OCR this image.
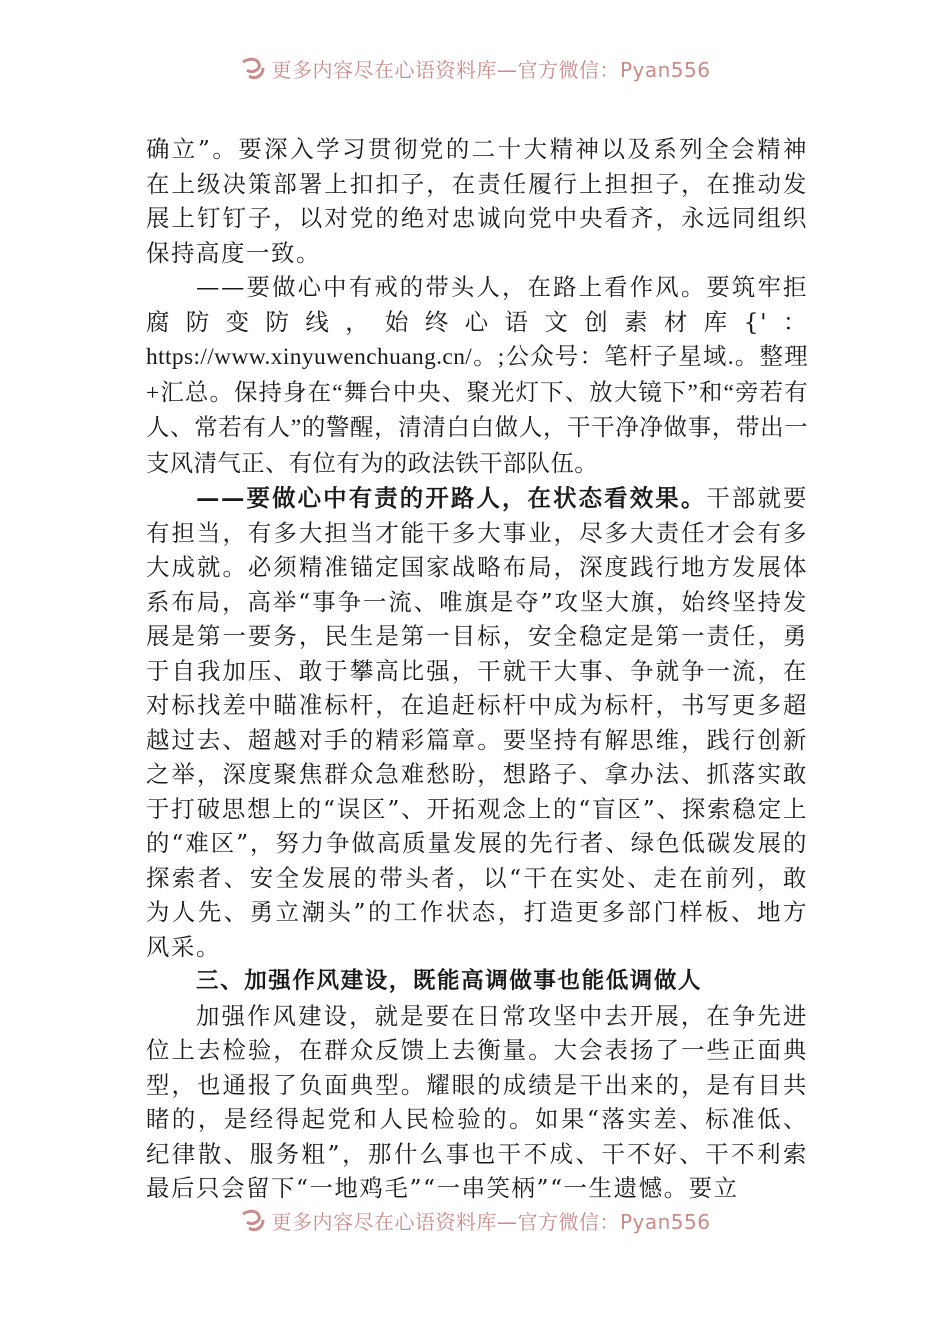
更多内容尽在心语资料库—官方微信：Pyan556

确立”。要深入学习贯彻党的二十大精神以及系列全会精神在上级决策部署上扣扣子，在责任履行上担担子，在推动发展上钉钉子，以对党的绝对忠诚向党中央看齐，永远同组织保持高度一致。

——要做心中有戒的带头人，在路上看作风。要筑牢拒腐防变防线，始终心语文创素材库{'：

https://www.xinyuwenchuang.cn/。;公众号：笔杆子星域.。整理+汇总。保持身在“舞台中央、聚光灯下、放大镜下”和“旁若有人、常若有人”的警醒，清清白白做人，干干净净做事，带出一支风清气正、有位有为的政法铁干部队伍。

——要做心中有责的开路人，在状态看效果。干部就要有担当，有多大担当才能干多大事业，尽多大责任才会有多大成就。必须精准锚定国家战略布局，深度践行地方发展体系布局，高举“事争一流、唯旗是夺”攻坚大旗，始终坚持发展是第一要务，民生是第一目标，安全稳定是第一责任，勇于自我加压、敢于攀高比强，干就干大事、争就争一流，在对标找差中瞄准标杆，在追赶标杆中成为标杆，书写更多超越过去、超越对手的精彩篇章。要坚持有解思维，践行创新之举，深度聚焦群众急难愁盼，想路子、拿办法、抓落实敢于打破思想上的“误区”、开拓观念上的“盲区”、探索稳定上的“难区”，努力争做高质量发展的先行者、绿色低碳发展的探索者、安全发展的带头者，以“干在实处、走在前列，敢为人先、勇立潮头”的工作状态，打造更多部门样板、地方风采。

三、加强作风建设，既能高调做事也能低调做人

加强作风建设，就是要在日常攻坚中去开展，在争先进位上去检验，在群众反馈上去衡量。大会表扬了一些正面典型，也通报了负面典型。耀眼的成绩是干出来的，是有目共睹的，是经得起党和人民检验的。如果“落实差、标准低、纪律散、服务粗”，那什么事也干不成、干不好、干不利索最后只会留下“一地鸡毛”“一串笑柄”“一生遗憾。要立

更多内容尽在心语资料库—官方微信：Pyan556
